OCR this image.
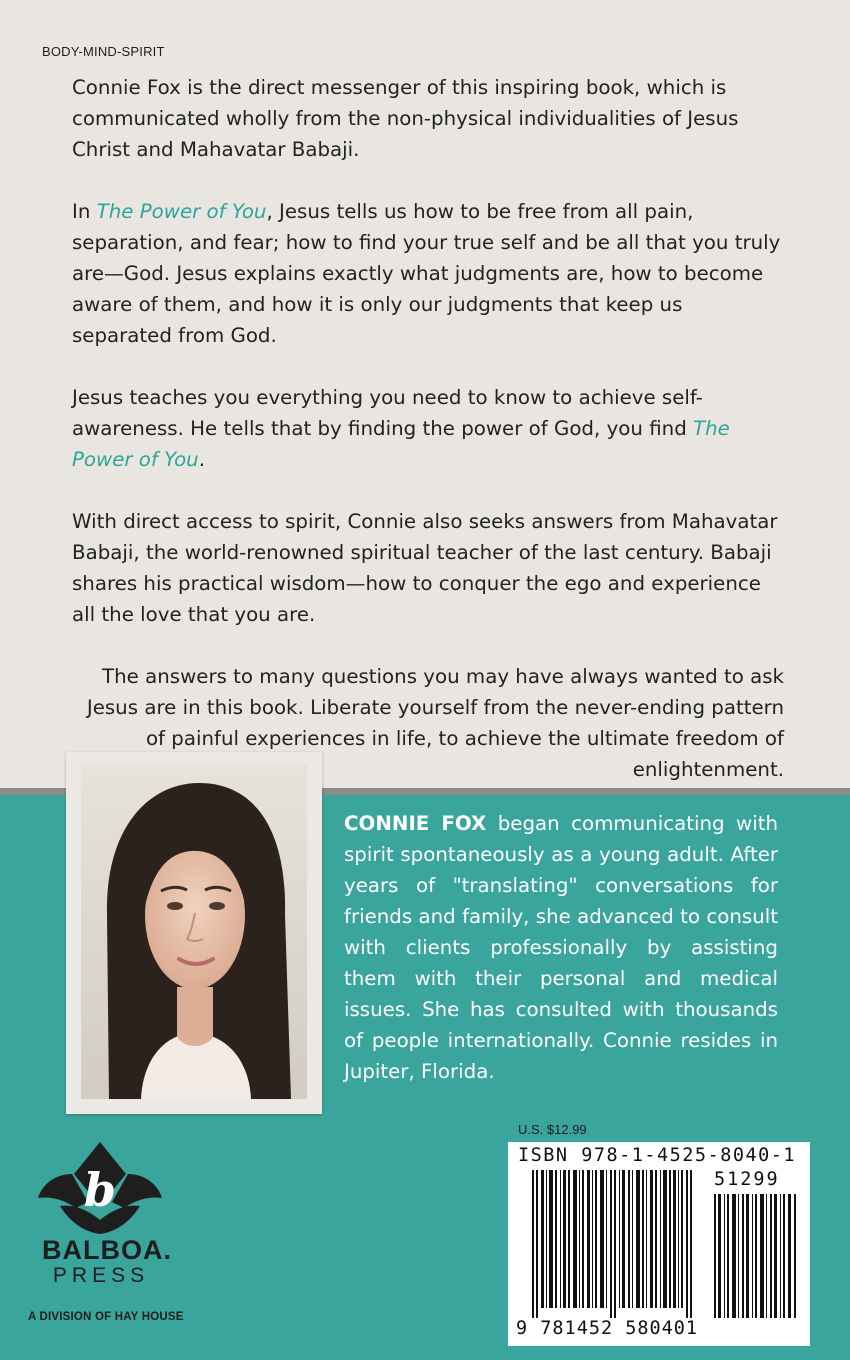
BODY-MIND-SPIRIT

Connie Fox is the direct messenger of this inspiring book, which is communicated wholly from the non-physical individualities of Jesus Christ and Mahavatar Babaji.

In The Power of You, Jesus tells us how to be free from all pain, separation, and fear; how to find your true self and be all that you truly are—God. Jesus explains exactly what judgments are, how to become aware of them, and how it is only our judgments that keep us separated from God.

Jesus teaches you everything you need to know to achieve self-awareness. He tells that by finding the power of God, you find The Power of You.

With direct access to spirit, Connie also seeks answers from Mahavatar Babaji, the world-renowned spiritual teacher of the last century. Babaji shares his practical wisdom—how to conquer the ego and experience all the love that you are.

The answers to many questions you may have always wanted to ask Jesus are in this book. Liberate yourself from the never-ending pattern of painful experiences in life, to achieve the ultimate freedom of enlightenment.

CONNIE FOX began communicating with spirit spontaneously as a young adult. After years of "translating" conversations for friends and family, she advanced to consult with clients professionally by assisting them with their personal and medical issues. She has consulted with thousands of people internationally. Connie resides in Jupiter, Florida.
U.S. $12.99
ISBN 978-1-4525-8040-1
51299
9 781452 580401
b
BALBOA.
PRESS
A DIVISION OF HAY HOUSE
